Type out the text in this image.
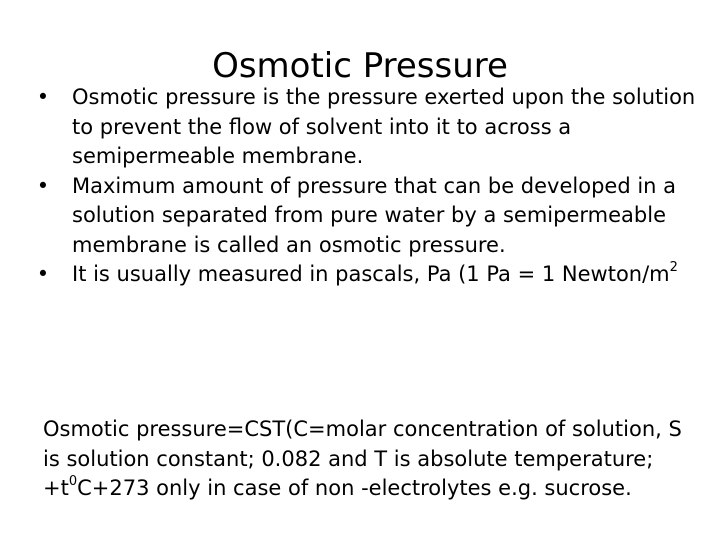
Osmotic Pressure
•	Osmotic pressure is the pressure exerted upon the solution to prevent the flow of solvent into it to across a semipermeable membrane.
•	Maximum amount of pressure that can be developed in a solution separated from pure water by a semipermeable membrane is called an osmotic pressure.
•	It is usually measured in pascals, Pa (1 Pa = 1 Newton/$m^2$

Osmotic pressure=CST(C=molar concentration of solution, S is solution constant; 0.082 and T is absolute temperature; $+t^0C+273$ only in case of non -electrolytes e.g. sucrose.
